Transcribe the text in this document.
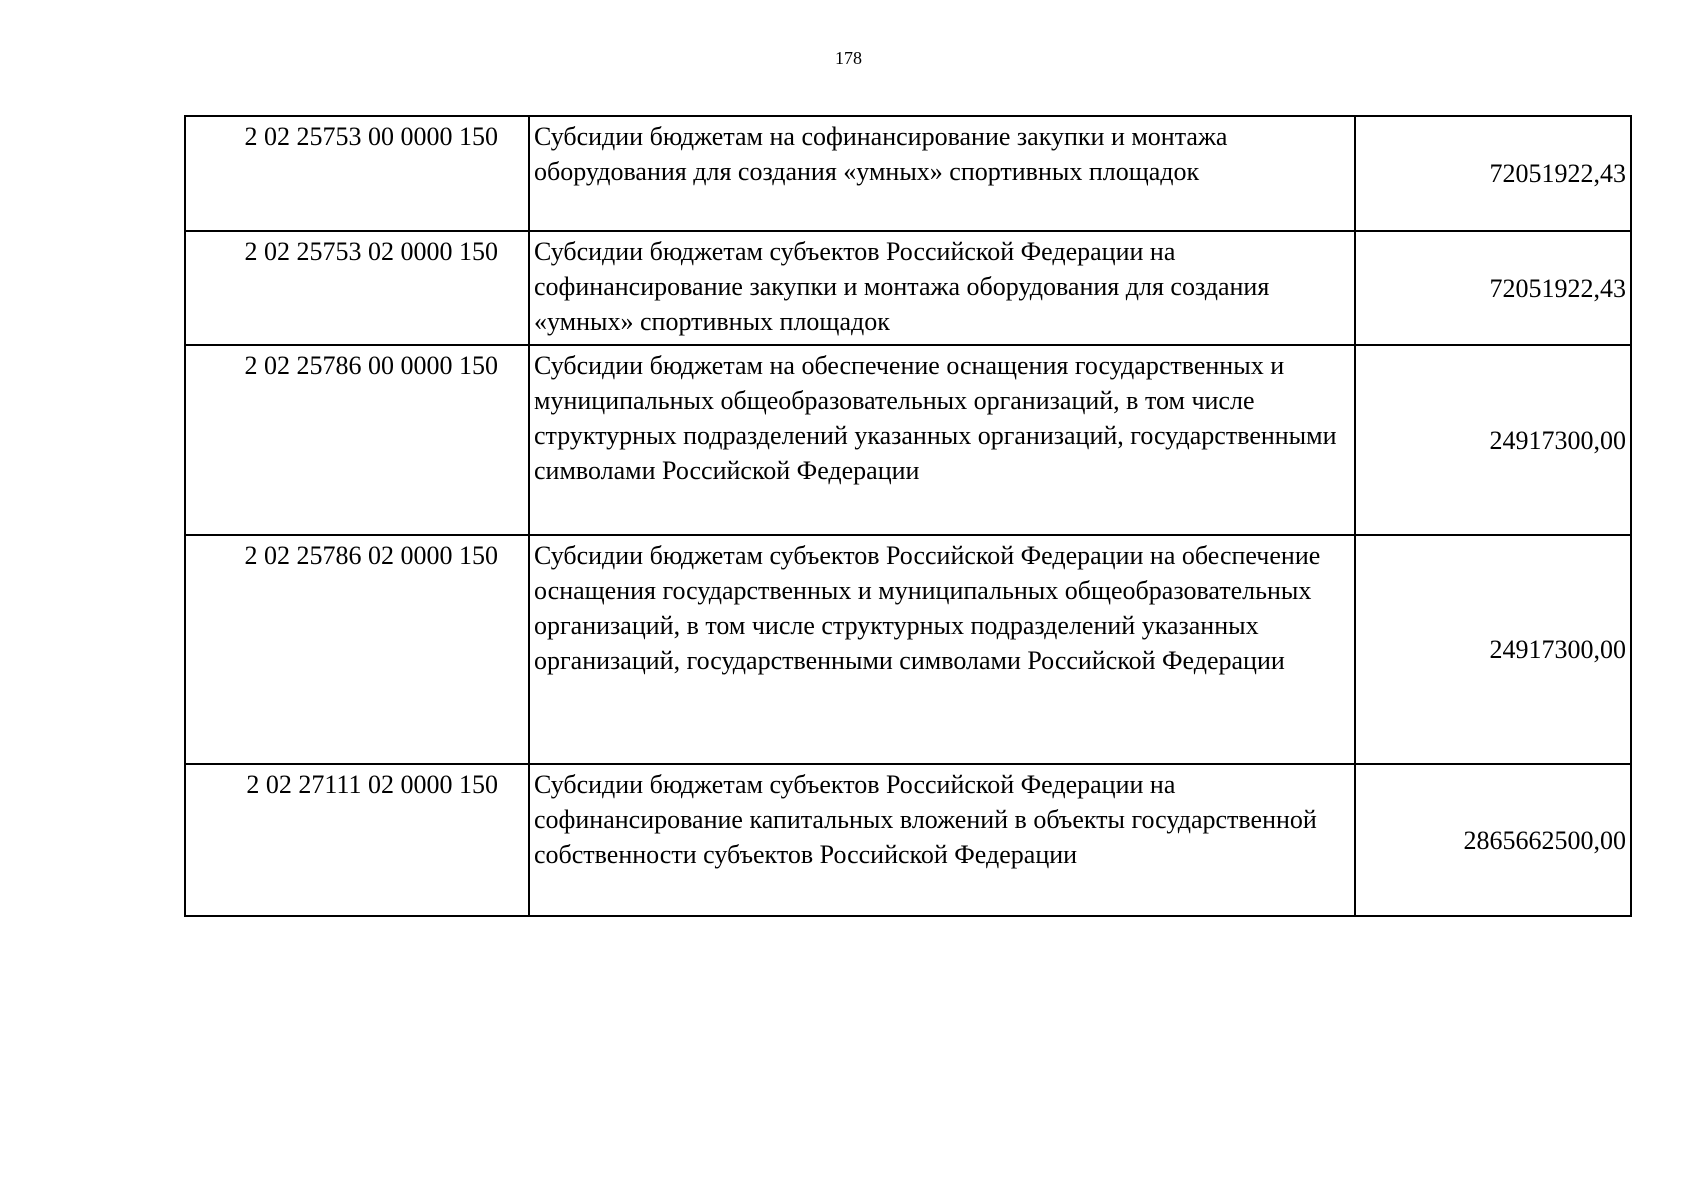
178
2 02 25753 00 0000 150	Субсидии бюджетам на софинансирование закупки и монтажа оборудования для создания «умных» спортивных площадок	72051922,43
2 02 25753 02 0000 150	Субсидии бюджетам субъектов Российской Федерации на софинансирование закупки и монтажа оборудования для создания «умных» спортивных площадок	72051922,43
2 02 25786 00 0000 150	Субсидии бюджетам на обеспечение оснащения государственных и муниципальных общеобразовательных организаций, в том числе структурных подразделений указанных организаций, государственными символами Российской Федерации	24917300,00
2 02 25786 02 0000 150	Субсидии бюджетам субъектов Российской Федерации на обеспечение оснащения государственных и муниципальных общеобразовательных организаций, в том числе структурных подразделений указанных организаций, государственными символами Российской Федерации	24917300,00
2 02 27111 02 0000 150	Субсидии бюджетам субъектов Российской Федерации на софинансирование капитальных вложений в объекты государственной собственности субъектов Российской Федерации	2865662500,00
